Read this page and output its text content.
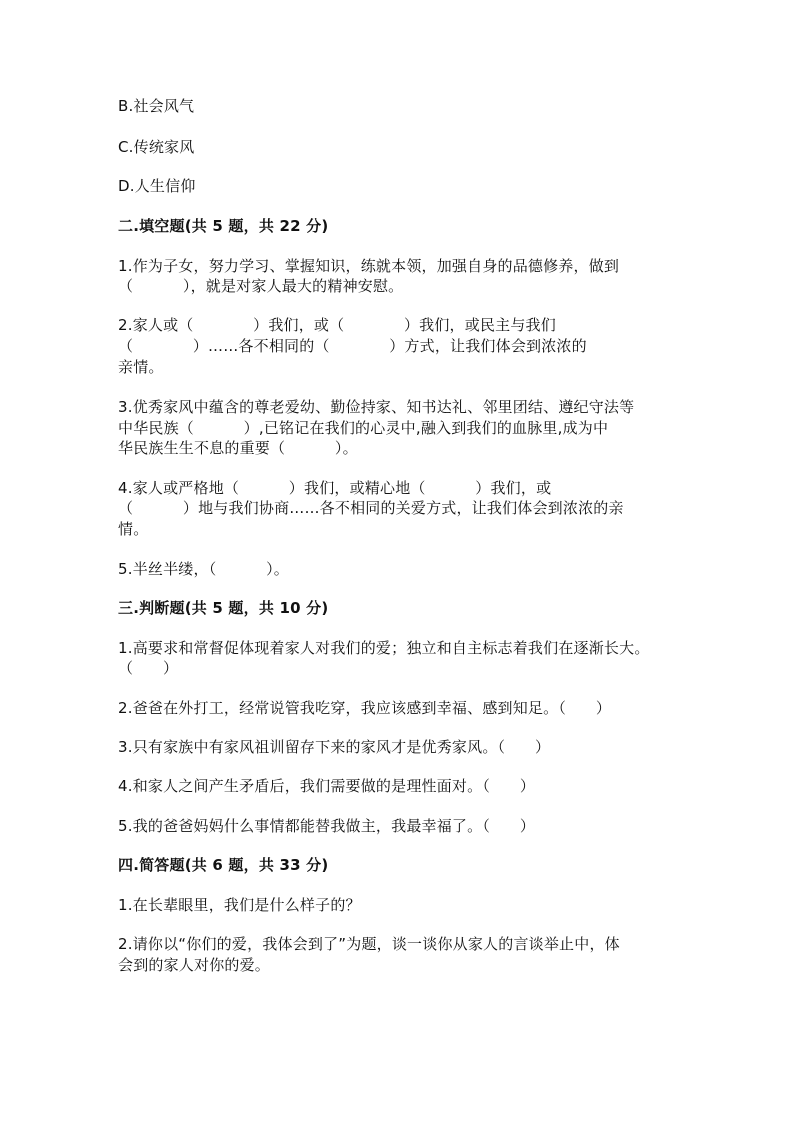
B.社会风气
C.传统家风
D.人生信仰
二.填空题(共 5 题，共 22 分)
1.作为子女，努力学习、掌握知识，练就本领，加强自身的品德修养，做到
（          ），就是对家人最大的精神安慰。
2.家人或（            ）我们，或（            ）我们，或民主与我们
（            ）……各不相同的（            ）方式，让我们体会到浓浓的
亲情。
3.优秀家风中蕴含的尊老爱幼、勤俭持家、知书达礼、邻里团结、遵纪守法等
中华民族（          ）,已铭记在我们的心灵中,融入到我们的血脉里,成为中
华民族生生不息的重要（          ）。
4.家人或严格地（          ）我们，或精心地（          ）我们，或
（          ）地与我们协商……各不相同的关爱方式，让我们体会到浓浓的亲
情。
5.半丝半缕，（          ）。
三.判断题(共 5 题，共 10 分)
1.高要求和常督促体现着家人对我们的爱；独立和自主标志着我们在逐渐长大。
（      ）
2.爸爸在外打工，经常说管我吃穿，我应该感到幸福、感到知足。（      ）
3.只有家族中有家风祖训留存下来的家风才是优秀家风。（      ）
4.和家人之间产生矛盾后，我们需要做的是理性面对。（      ）
5.我的爸爸妈妈什么事情都能替我做主，我最幸福了。（      ）
四.简答题(共 6 题，共 33 分)
1.在长辈眼里，我们是什么样子的？
2.请你以“你们的爱，我体会到了”为题，谈一谈你从家人的言谈举止中，体
会到的家人对你的爱。
